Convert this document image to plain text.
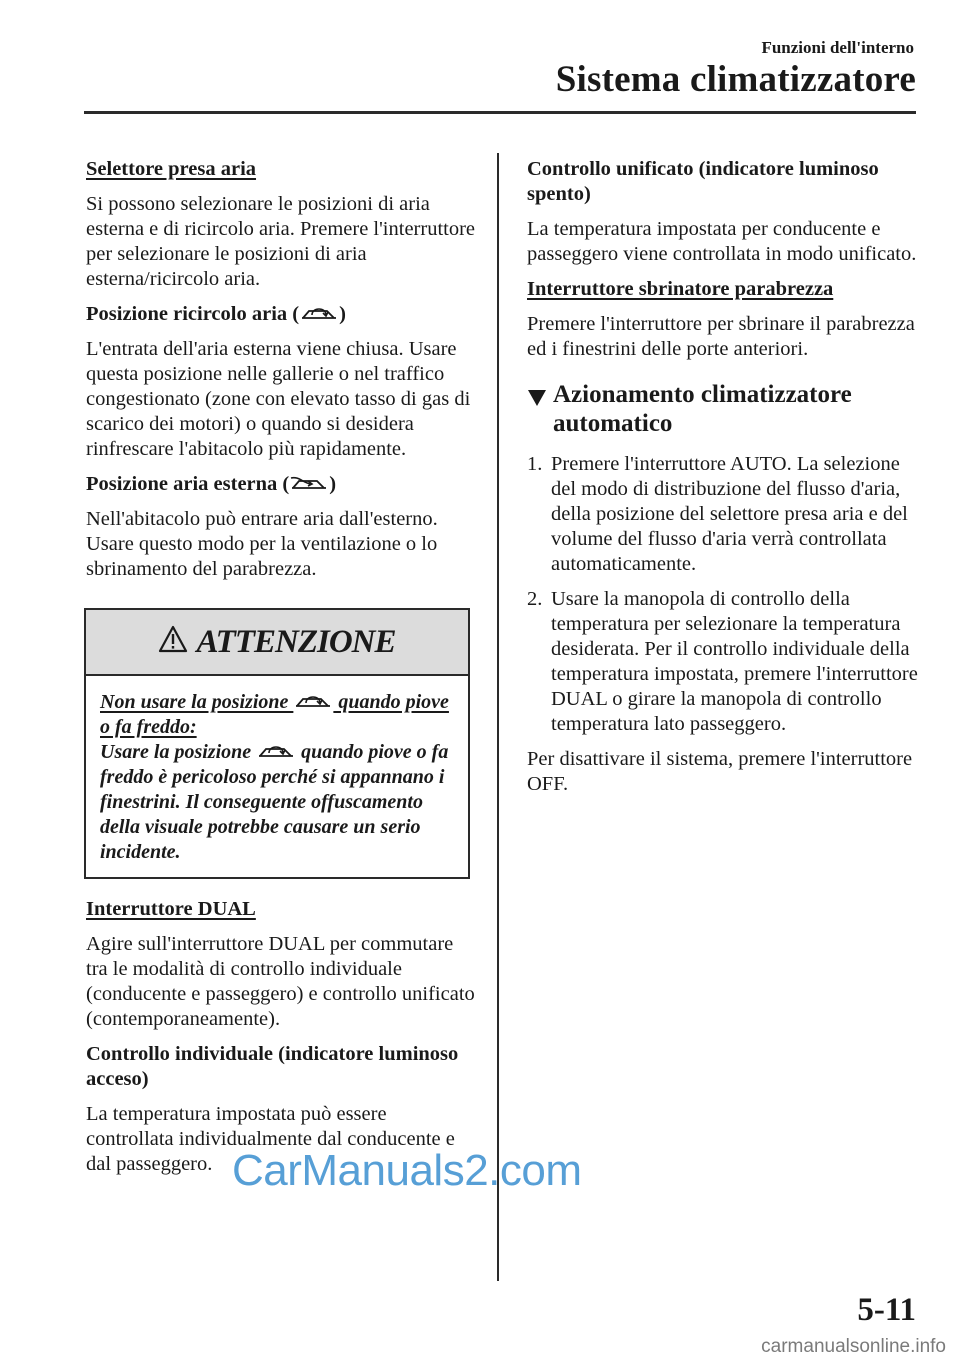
Funzioni dell'interno
Sistema climatizzatore

Selettore presa aria

Si possono selezionare le posizioni di aria esterna e di ricircolo aria. Premere l'interruttore per selezionare le posizioni di aria esterna/ricircolo aria.

Posizione ricircolo aria ( )

L'entrata dell'aria esterna viene chiusa. Usare questa posizione nelle gallerie o nel traffico congestionato (zone con elevato tasso di gas di scarico dei motori) o quando si desidera rinfrescare l'abitacolo più rapidamente.

Posizione aria esterna ( )

Nell'abitacolo può entrare aria dall'esterno. Usare questo modo per la ventilazione o lo sbrinamento del parabrezza.

ATTENZIONE
Non usare la posizione
quando piove o fa freddo:
Usare la posizione
quando piove o fa freddo è pericoloso perché si appannano i finestrini. Il conseguente offuscamento della visuale potrebbe causare un serio incidente.

Interruttore DUAL

Agire sull'interruttore DUAL per commutare tra le modalità di controllo individuale (conducente e passeggero) e controllo unificato (contemporaneamente).

Controllo individuale (indicatore luminoso acceso)

La temperatura impostata può essere controllata individualmente dal conducente e dal passeggero.

Controllo unificato (indicatore luminoso spento)

La temperatura impostata per conducente e passeggero viene controllata in modo unificato.

Interruttore sbrinatore parabrezza

Premere l'interruttore per sbrinare il parabrezza ed i finestrini delle porte anteriori.

Azionamento climatizzatore automatico
1. Premere l'interruttore AUTO. La selezione del modo di distribuzione del flusso d'aria, della posizione del selettore presa aria e del volume del flusso d'aria verrà controllata automaticamente.
2. Usare la manopola di controllo della temperatura per selezionare la temperatura desiderata. Per il controllo individuale della temperatura impostata, premere l'interruttore DUAL o girare la manopola di controllo temperatura lato passeggero.

Per disattivare il sistema, premere l'interruttore OFF.

CarManuals2.com
5-11
carmanualsonline.info
